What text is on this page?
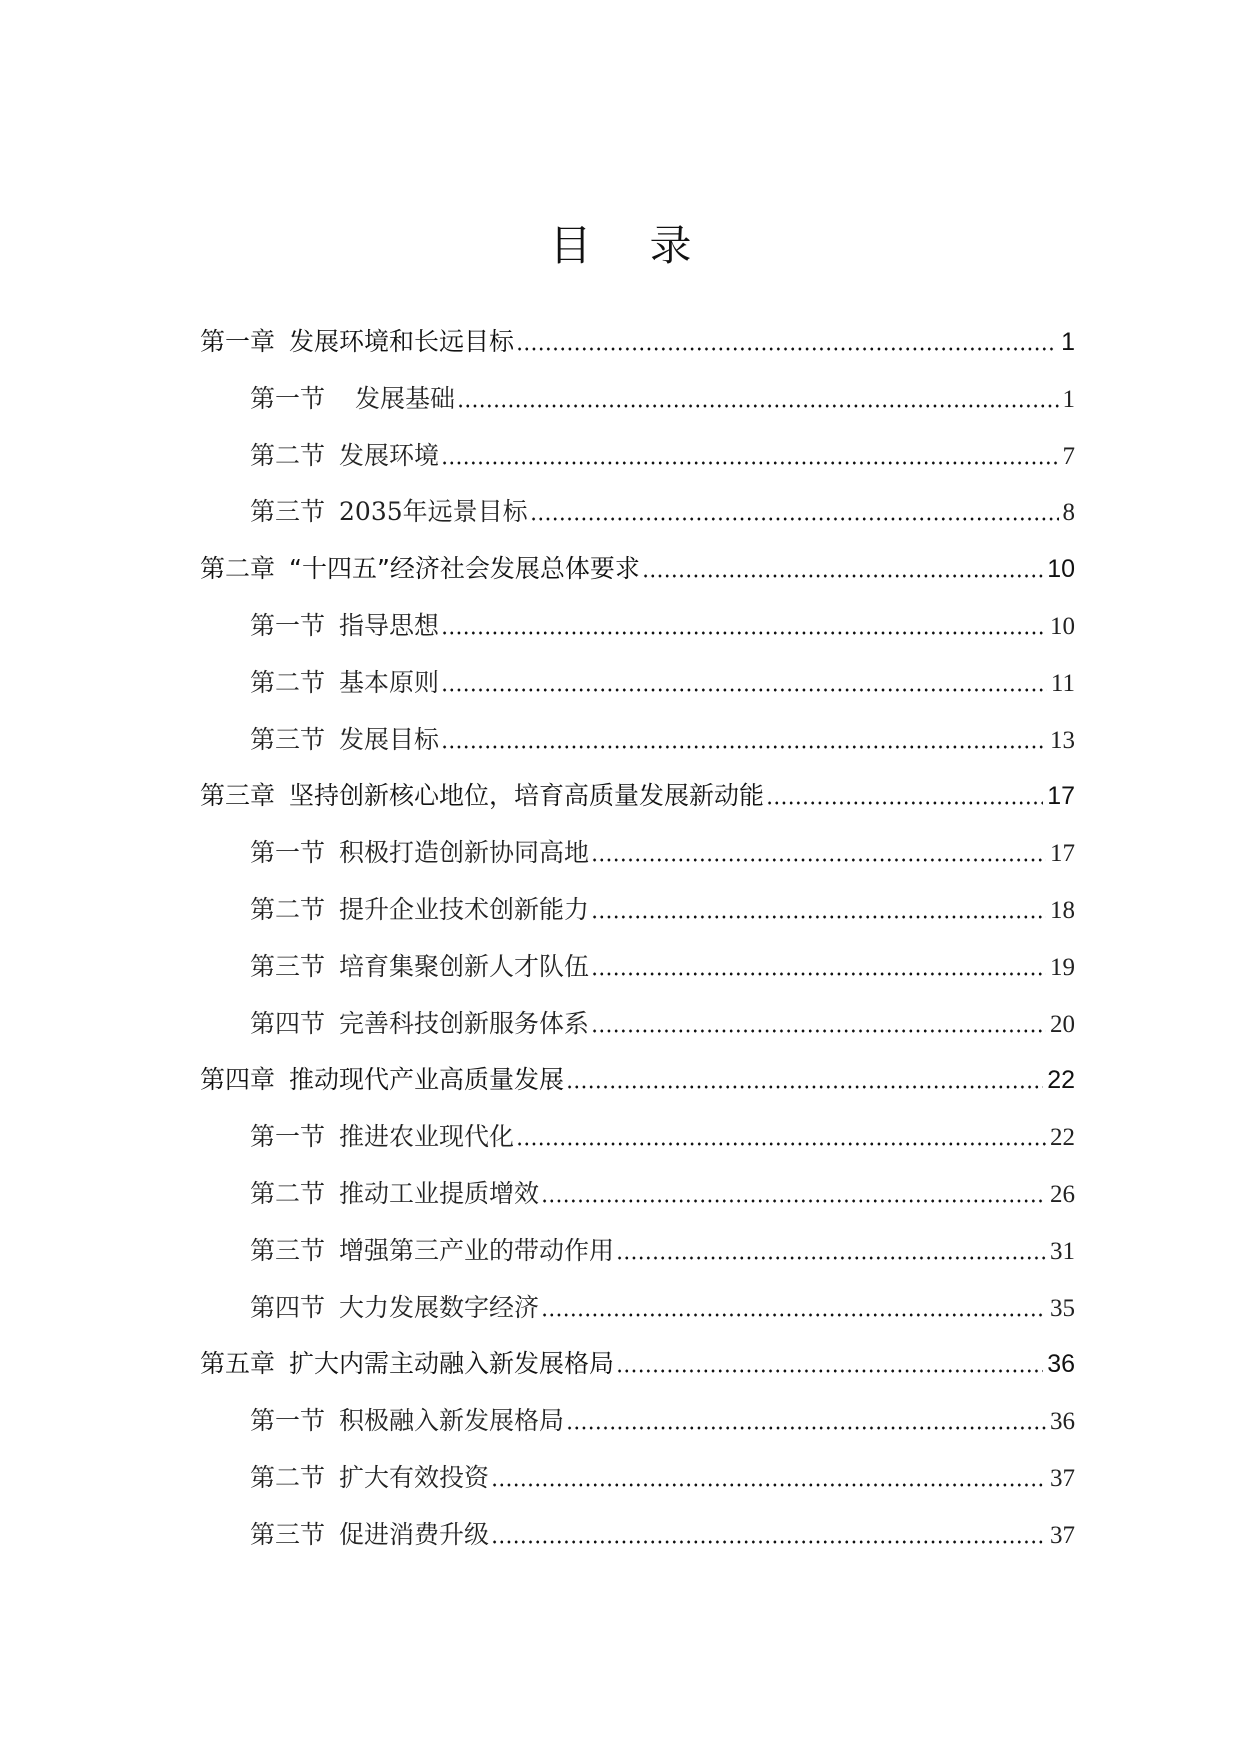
目 录
第一章 发展环境和长远目标	1
第一节 发展基础	1
第二节 发展环境	7
第三节 2035年远景目标	8
第二章 “十四五”经济社会发展总体要求	10
第一节 指导思想	10
第二节 基本原则	11
第三节 发展目标	13
第三章 坚持创新核心地位，培育高质量发展新动能	17
第一节 积极打造创新协同高地	17
第二节 提升企业技术创新能力	18
第三节 培育集聚创新人才队伍	19
第四节 完善科技创新服务体系	20
第四章 推动现代产业高质量发展	22
第一节 推进农业现代化	22
第二节 推动工业提质增效	26
第三节 增强第三产业的带动作用	31
第四节 大力发展数字经济	35
第五章 扩大内需主动融入新发展格局	36
第一节 积极融入新发展格局	36
第二节 扩大有效投资	37
第三节 促进消费升级	37
